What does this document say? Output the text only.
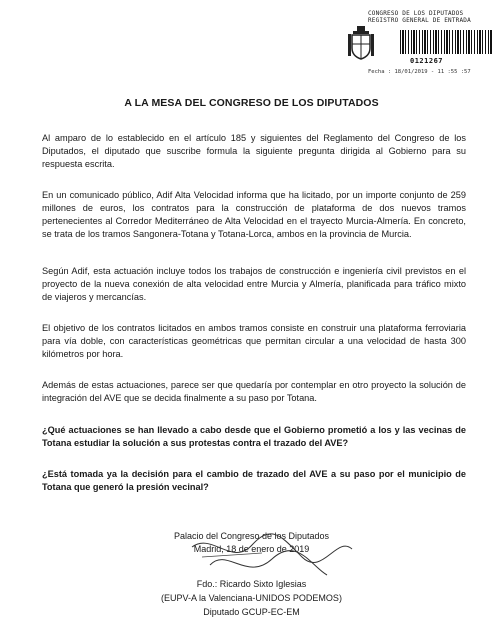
CONGRESO DE LOS DIPUTADOS
REGISTRO GENERAL DE ENTRADA
0121267
Fecha : 18/01/2019 - 11 :55 :57
A LA MESA DEL CONGRESO DE LOS DIPUTADOS

Al amparo de lo establecido en el artículo 185 y siguientes del Reglamento del Congreso de los Diputados, el diputado que suscribe formula la siguiente pregunta dirigida al Gobierno para su respuesta escrita.

En un comunicado público, Adif Alta Velocidad informa que ha licitado, por un importe conjunto de 259 millones de euros, los contratos para la construcción de plataforma de dos nuevos tramos pertenecientes al Corredor Mediterráneo de Alta Velocidad en el trayecto Murcia-Almería. En concreto, se trata de los tramos Sangonera-Totana y Totana-Lorca, ambos en la provincia de Murcia.

Según Adif, esta actuación incluye todos los trabajos de construcción e ingeniería civil previstos en el proyecto de la nueva conexión de alta velocidad entre Murcia y Almería, planificada para tráfico mixto de viajeros y mercancías.

El objetivo de los contratos licitados en ambos tramos consiste en construir una plataforma ferroviaria para vía doble, con características geométricas que permitan circular a una velocidad de hasta 300 kilómetros por hora.

Además de estas actuaciones, parece ser que quedaría por contemplar en otro proyecto la solución de integración del AVE que se decida finalmente a su paso por Totana.

¿Qué actuaciones se han llevado a cabo desde que el Gobierno prometió a los y las vecinas de Totana estudiar la solución a sus protestas contra el trazado del AVE?

¿Está tomada ya la decisión para el cambio de trazado del AVE a su paso por el municipio de Totana que generó la presión vecinal?

Palacio del Congreso de los Diputados
Madrid, 18 de enero de 2019
Fdo.: Ricardo Sixto Iglesias
(EUPV-A la Valenciana-UNIDOS PODEMOS)
Diputado GCUP-EC-EM
